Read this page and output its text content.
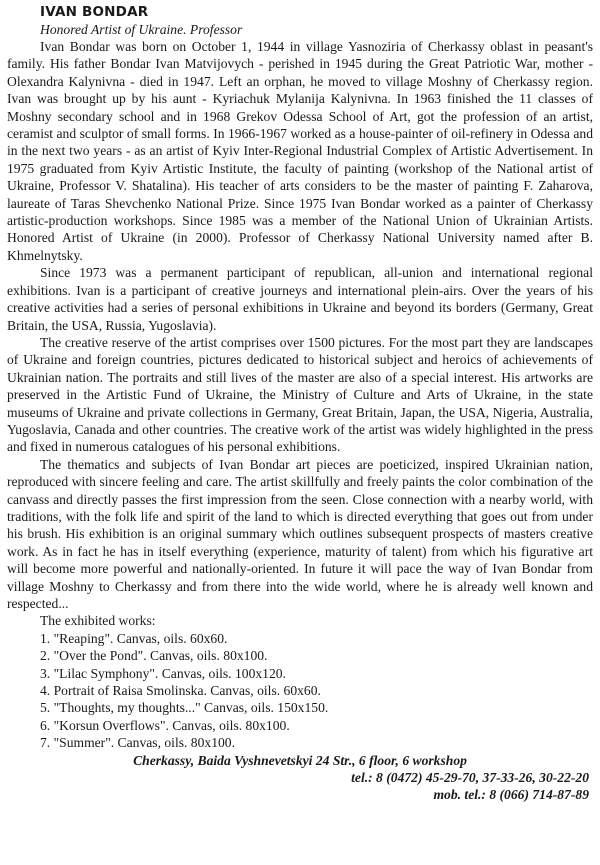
IVAN BONDAR
Honored Artist of Ukraine. Professor

Ivan Bondar was born on October 1, 1944 in village Yasnoziria of Cherkassy oblast in peasant's family. His father Bondar Ivan Matvijovych - perished in 1945 during the Great Patriotic War, mother - Olexandra Kalynivna - died in 1947. Left an orphan, he moved to village Moshny of Cherkassy region. Ivan was brought up by his aunt - Kyriachuk Mylanija Kalynivna. In 1963 finished the 11 classes of Moshny secondary school and in 1968 Grekov Odessa School of Art, got the profession of an artist, ceramist and sculptor of small forms. In 1966-1967 worked as a house-painter of oil-refinery in Odessa and in the next two years - as an artist of Kyiv Inter-Regional Industrial Complex of Artistic Advertisement. In 1975 graduated from Kyiv Artistic Institute, the faculty of painting (workshop of the National artist of Ukraine, Professor V. Shatalina). His teacher of arts considers to be the master of painting F. Zaharova, laureate of Taras Shevchenko National Prize. Since 1975 Ivan Bondar worked as a painter of Cherkassy artistic-production workshops. Since 1985 was a member of the National Union of Ukrainian Artists. Honored Artist of Ukraine (in 2000). Professor of Cherkassy National University named after B. Khmelnytsky.

Since 1973 was a permanent participant of republican, all-union and international regional exhibitions. Ivan is a participant of creative journeys and international plein-airs. Over the years of his creative activities had a series of personal exhibitions in Ukraine and beyond its borders (Germany, Great Britain, the USA, Russia, Yugoslavia).

The creative reserve of the artist comprises over 1500 pictures. For the most part they are landscapes of Ukraine and foreign countries, pictures dedicated to historical subject and heroics of achievements of Ukrainian nation. The portraits and still lives of the master are also of a special interest. His artworks are preserved in the Artistic Fund of Ukraine, the Ministry of Culture and Arts of Ukraine, in the state museums of Ukraine and private collections in Germany, Great Britain, Japan, the USA, Nigeria, Australia, Yugoslavia, Canada and other countries. The creative work of the artist was widely highlighted in the press and fixed in numerous catalogues of his personal exhibitions.

The thematics and subjects of Ivan Bondar art pieces are poeticized, inspired Ukrainian nation, reproduced with sincere feeling and care. The artist skillfully and freely paints the color combination of the canvass and directly passes the first impression from the seen. Close connection with a nearby world, with traditions, with the folk life and spirit of the land to which is directed everything that goes out from under his brush. His exhibition is an original summary which outlines subsequent prospects of masters creative work. As in fact he has in itself everything (experience, maturity of talent) from which his figurative art will become more powerful and nationally-oriented. In future it will pace the way of Ivan Bondar from village Moshny to Cherkassy and from there into the wide world, where he is already well known and respected...

The exhibited works:
1. "Reaping". Canvas, oils. 60x60.
2. "Over the Pond". Canvas, oils. 80x100.
3. "Lilac Symphony". Canvas, oils. 100x120.
4. Portrait of Raisa Smolinska. Canvas, oils. 60x60.
5. "Thoughts, my thoughts..." Canvas, oils. 150x150.
6. "Korsun Overflows". Canvas, oils. 80x100.
7. "Summer". Canvas, oils. 80x100.
Cherkassy, Baida Vyshnevetskyi 24 Str., 6 floor, 6 workshop
tel.: 8 (0472) 45-29-70, 37-33-26, 30-22-20
mob. tel.: 8 (066) 714-87-89
